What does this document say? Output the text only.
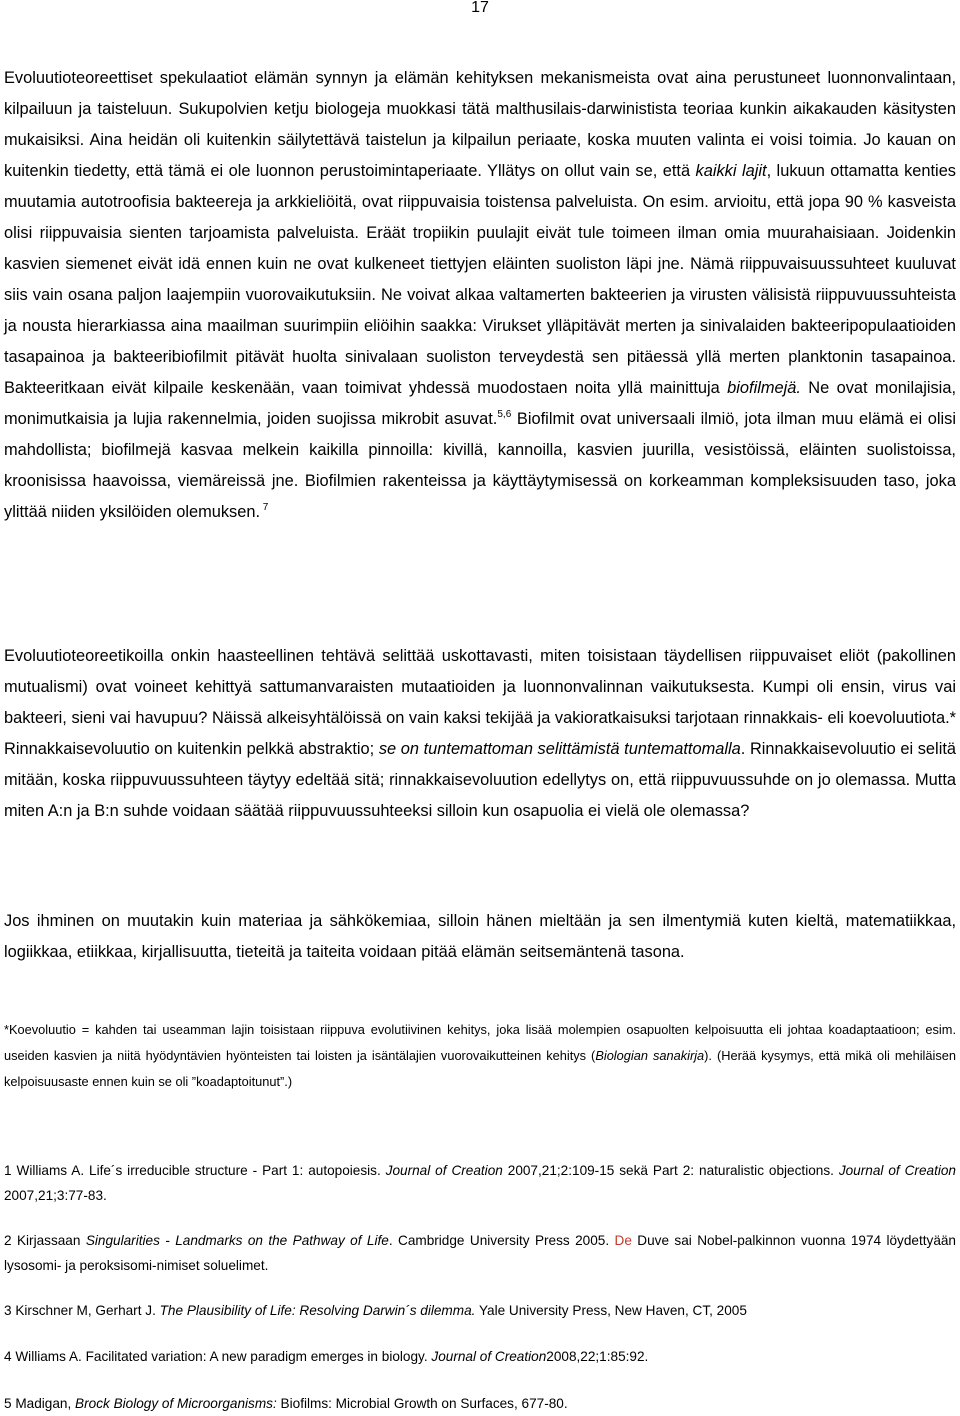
17

Evoluutioteoreettiset spekulaatiot elämän synnyn ja elämän kehityksen mekanismeista ovat aina perustuneet luonnonvalintaan, kilpailuun ja taisteluun. Sukupolvien ketju biologeja muokkasi tätä malthusilais-darwinistista teoriaa kunkin aikakauden käsitysten mukaisiksi. Aina heidän oli kuitenkin säilytettävä taistelun ja kilpailun periaate, koska muuten valinta ei voisi toimia. Jo kauan on kuitenkin tiedetty, että tämä ei ole luonnon perustoimintaperiaate. Yllätys on ollut vain se, että kaikki lajit, lukuun ottamatta kenties muutamia autotroofisia bakteereja ja arkkieliöitä, ovat riippuvaisia toistensa palveluista. On esim. arvioitu, että jopa 90 % kasveista olisi riippuvaisia sienten tarjoamista palveluista. Eräät tropiikin puulajit eivät tule toimeen ilman omia muurahaisiaan. Joidenkin kasvien siemenet eivät idä ennen kuin ne ovat kulkeneet tiettyjen eläinten suoliston läpi jne. Nämä riippuvaisuussuhteet kuuluvat siis vain osana paljon laajempiin vuorovaikutuksiin. Ne voivat alkaa valtamerten bakteerien ja virusten välisistä riippuvuussuhteista ja nousta hierarkiassa aina maailman suurimpiin eliöihin saakka: Virukset ylläpitävät merten ja sinivalaiden bakteeripopulaatioiden tasapainoa ja bakteeribiofilmit pitävät huolta sinivalaan suoliston terveydestä sen pitäessä yllä merten planktonin tasapainoa. Bakteeritkaan eivät kilpaile keskenään, vaan toimivat yhdessä muodostaen noita yllä mainittuja biofilmejä. Ne ovat monilajisia, monimutkaisia ja lujia rakennelmia, joiden suojissa mikrobit asuvat.$^{5,6}$ Biofilmit ovat universaali ilmiö, jota ilman muu elämä ei olisi mahdollista; biofilmejä kasvaa melkein kaikilla pinnoilla: kivillä, kannoilla, kasvien juurilla, vesistöissä, eläinten suolistoissa, kroonisissa haavoissa, viemäreissä jne. Biofilmien rakenteissa ja käyttäytymisessä on korkeamman kompleksisuuden taso, joka ylittää niiden yksilöiden olemuksen. $^7$

Evoluutioteoreetikoilla onkin haasteellinen tehtävä selittää uskottavasti, miten toisistaan täydellisen riippuvaiset eliöt (pakollinen mutualismi) ovat voineet kehittyä sattumanvaraisten mutaatioiden ja luonnonvalinnan vaikutuksesta. Kumpi oli ensin, virus vai bakteeri, sieni vai havupuu? Näissä alkeisyhtälöissä on vain kaksi tekijää ja vakioratkaisuksi tarjotaan rinnakkais- eli koevoluutiota.* Rinnakkaisevoluutio on kuitenkin pelkkä abstraktio; se on tuntemattoman selittämistä tuntemattomalla. Rinnakkaisevoluutio ei selitä mitään, koska riippuvuussuhteen täytyy edeltää sitä; rinnakkaisevoluution edellytys on, että riippuvuussuhde on jo olemassa. Mutta miten A:n ja B:n suhde voidaan säätää riippuvuussuhteeksi silloin kun osapuolia ei vielä ole olemassa?

Jos ihminen on muutakin kuin materiaa ja sähkökemiaa, silloin hänen mieltään ja sen ilmentymiä kuten kieltä, matematiikkaa, logiikkaa, etiikkaa, kirjallisuutta, tieteitä ja taiteita voidaan pitää elämän seitsemäntenä tasona.

*Koevoluutio = kahden tai useamman lajin toisistaan riippuva evolutiivinen kehitys, joka lisää molempien osapuolten kelpoisuutta eli johtaa koadaptaatioon; esim. useiden kasvien ja niitä hyödyntävien hyönteisten tai loisten ja isäntälajien vuorovaikutteinen kehitys (Biologian sanakirja). (Herää kysymys, että mikä oli mehiläisen kelpoisuusaste ennen kuin se oli ”koadaptoitunut”.)

1 Williams A. Life´s irreducible structure - Part 1: autopoiesis. Journal of Creation 2007,21;2:109-15 sekä Part 2: naturalistic objections. Journal of Creation 2007,21;3:77-83.

2 Kirjassaan Singularities - Landmarks on the Pathway of Life. Cambridge University Press 2005. De Duve sai Nobel-palkinnon vuonna 1974 löydettyään lysosomi- ja peroksisomi-nimiset soluelimet.

3 Kirschner M, Gerhart J. The Plausibility of Life: Resolving Darwin´s dilemma. Yale University Press, New Haven, CT, 2005

4 Williams A. Facilitated variation: A new paradigm emerges in biology. Journal of Creation2008,22;1:85:92.

5 Madigan, Brock Biology of Microorganisms: Biofilms: Microbial Growth on Surfaces, 677-80.
